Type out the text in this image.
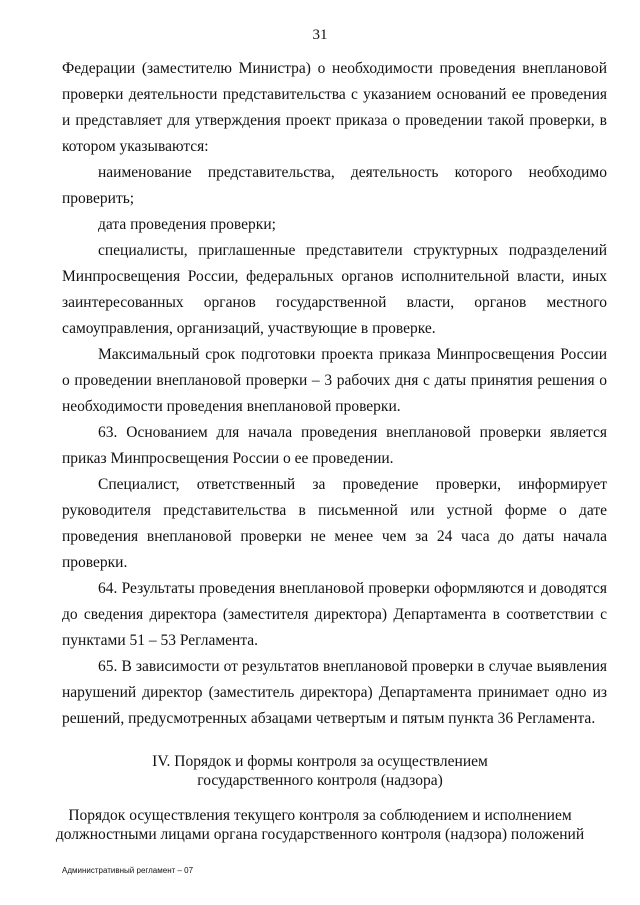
31

Федерации (заместителю Министра) о необходимости проведения внеплановой проверки деятельности представительства с указанием оснований ее проведения и представляет для утверждения проект приказа о проведении такой проверки, в котором указываются:

наименование представительства, деятельность которого необходимо проверить;

дата проведения проверки;

специалисты, приглашенные представители структурных подразделений Минпросвещения России, федеральных органов исполнительной власти, иных заинтересованных органов государственной власти, органов местного самоуправления, организаций, участвующие в проверке.

Максимальный срок подготовки проекта приказа Минпросвещения России о проведении внеплановой проверки – 3 рабочих дня с даты принятия решения о необходимости проведения внеплановой проверки.

63. Основанием для начала проведения внеплановой проверки является приказ Минпросвещения России о ее проведении.

Специалист, ответственный за проведение проверки, информирует руководителя представительства в письменной или устной форме о дате проведения внеплановой проверки не менее чем за 24 часа до даты начала проверки.

64. Результаты проведения внеплановой проверки оформляются и доводятся до сведения директора (заместителя директора) Департамента в соответствии с пунктами 51 – 53 Регламента.

65. В зависимости от результатов внеплановой проверки в случае выявления нарушений директор (заместитель директора) Департамента принимает одно из решений, предусмотренных абзацами четвертым и пятым пункта 36 Регламента.

IV. Порядок и формы контроля за осуществлением
государственного контроля (надзора)
Порядок осуществления текущего контроля за соблюдением и исполнением
должностными лицами органа государственного контроля (надзора) положений
Административный регламент – 07
